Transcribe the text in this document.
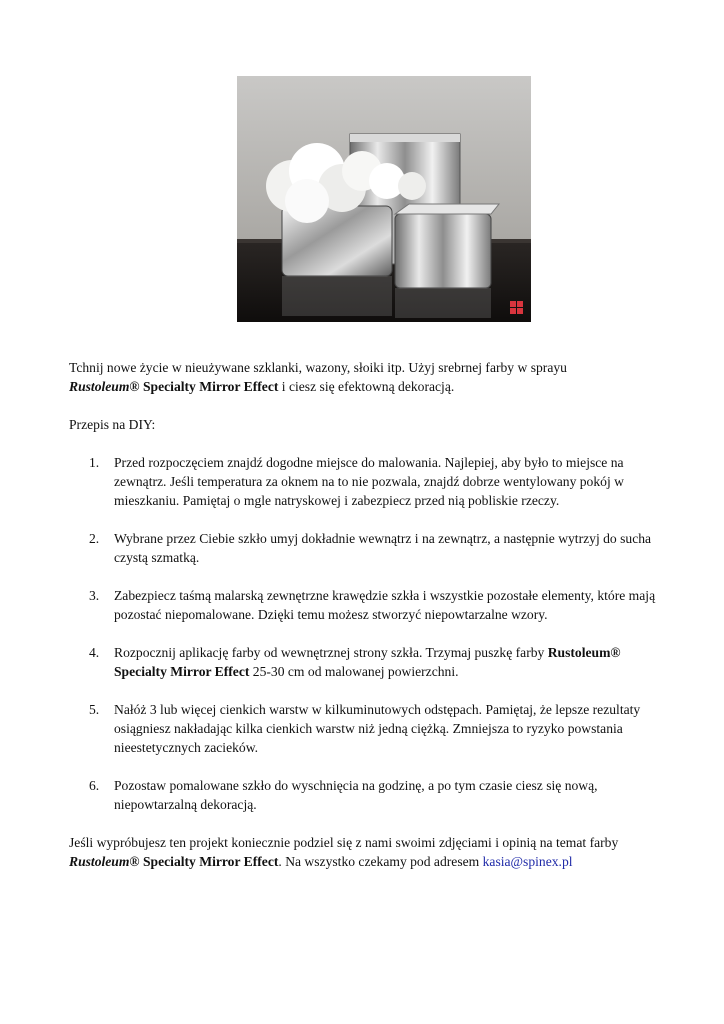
Tchnij nowe życie w nieużywane szklanki, wazony, słoiki itp. Użyj srebrnej farby w sprayu
Rustoleum® Specialty Mirror Effect i ciesz się efektowną dekoracją.

Przepis na DIY:

1. Przed rozpoczęciem znajdź dogodne miejsce do malowania. Najlepiej, aby było to miejsce na zewnątrz. Jeśli temperatura za oknem na to nie pozwala, znajdź dobrze wentylowany pokój w mieszkaniu. Pamiętaj o mgle natryskowej i zabezpiecz przed nią pobliskie rzeczy.
2. Wybrane przez Ciebie szkło umyj dokładnie wewnątrz i na zewnątrz, a następnie wytrzyj do sucha czystą szmatką.
3. Zabezpiecz taśmą malarską zewnętrzne krawędzie szkła i wszystkie pozostałe elementy, które mają pozostać niepomalowane. Dzięki temu możesz stworzyć niepowtarzalne wzory.
4. Rozpocznij aplikację farby od wewnętrznej strony szkła. Trzymaj puszkę farby Rustoleum® Specialty Mirror Effect 25-30 cm od malowanej powierzchni.
5. Nałóż 3 lub więcej cienkich warstw w kilkuminutowych odstępach. Pamiętaj, że lepsze rezultaty osiągniesz nakładając kilka cienkich warstw niż jedną ciężką. Zmniejsza to ryzyko powstania nieestetycznych zacieków.
6. Pozostaw pomalowane szkło do wyschnięcia na godzinę, a po tym czasie ciesz się nową, niepowtarzalną dekoracją.

Jeśli wypróbujesz ten projekt koniecznie podziel się z nami swoimi zdjęciami i opinią na temat farby Rustoleum® Specialty Mirror Effect. Na wszystko czekamy pod adresem kasia@spinex.pl
